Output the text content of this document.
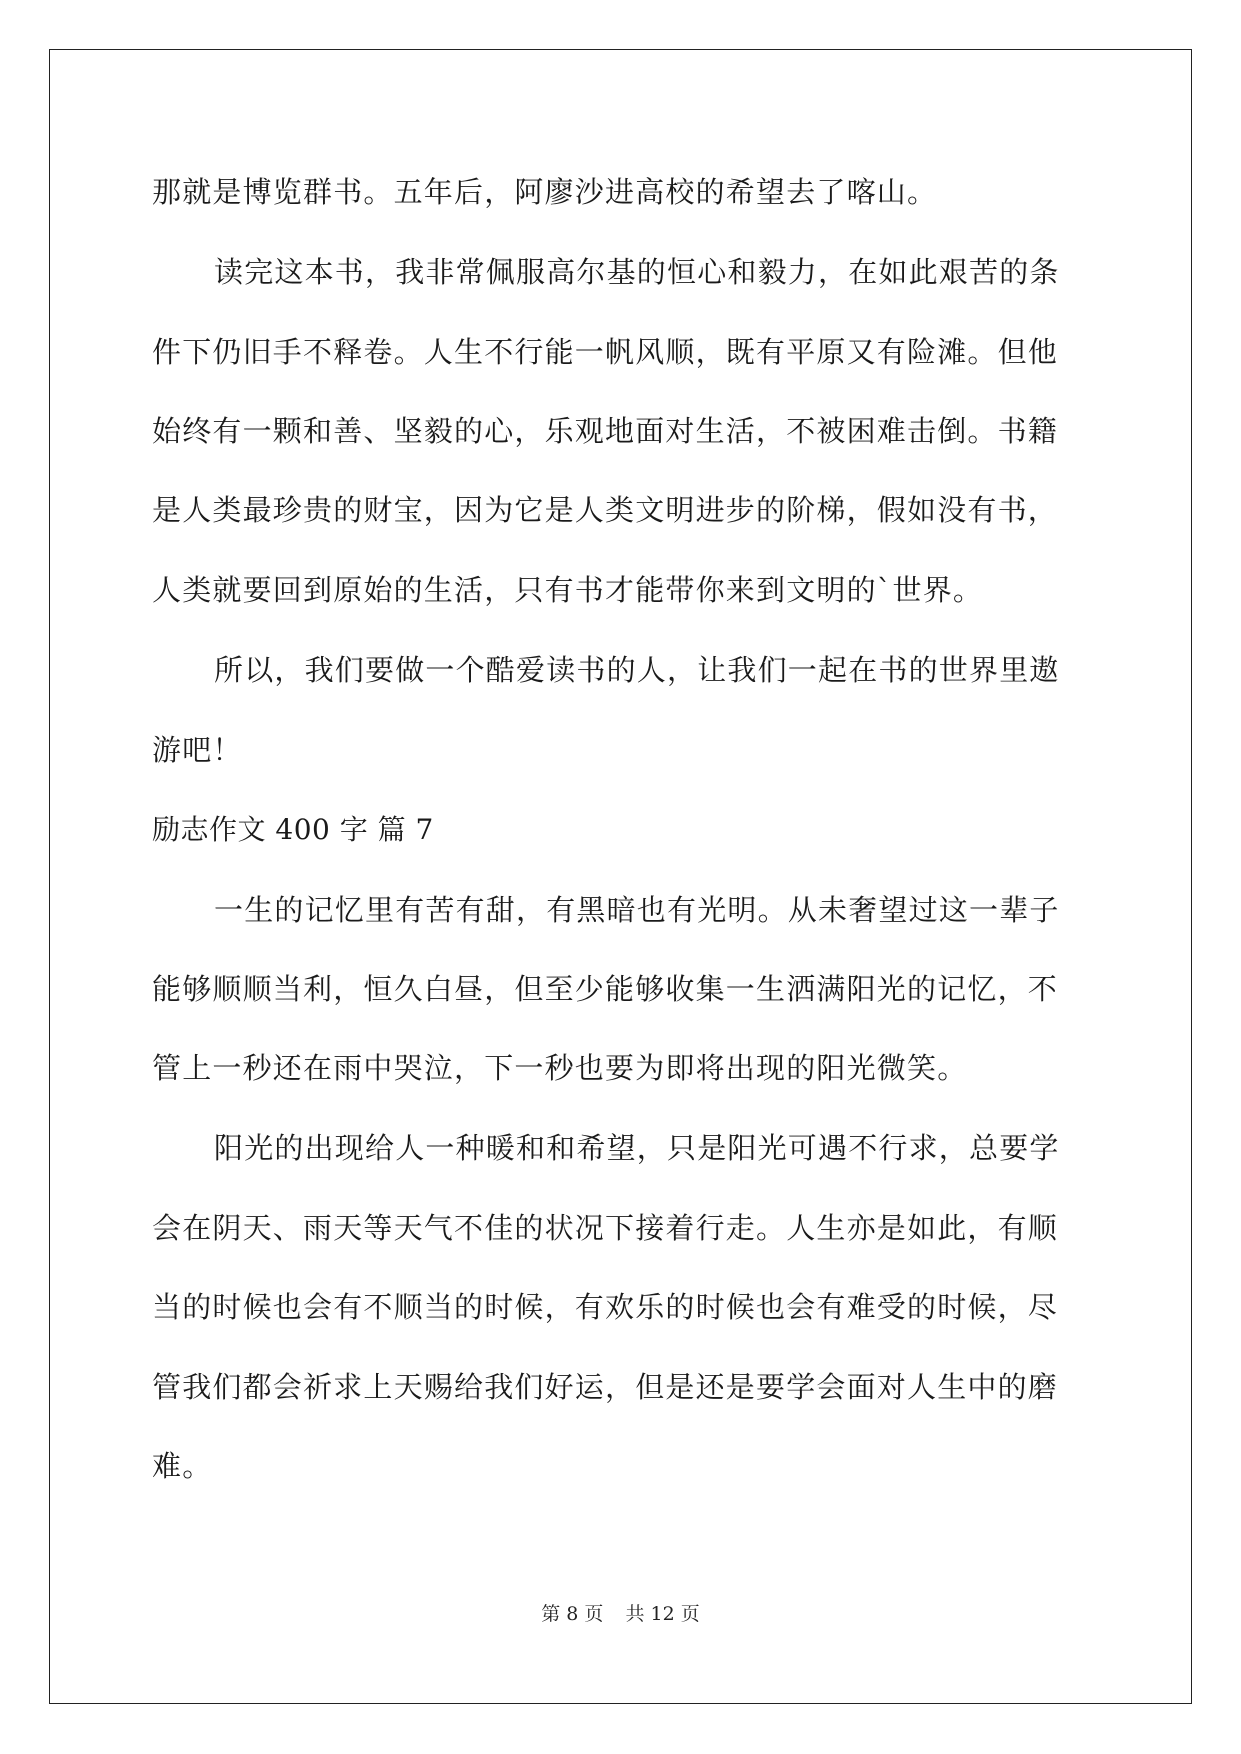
那就是博览群书。五年后，阿廖沙进高校的希望去了喀山。
读完这本书，我非常佩服高尔基的恒心和毅力，在如此艰苦的条
件下仍旧手不释卷。人生不行能一帆风顺，既有平原又有险滩。但他
始终有一颗和善、坚毅的心，乐观地面对生活，不被困难击倒。书籍
是人类最珍贵的财宝，因为它是人类文明进步的阶梯，假如没有书，
人类就要回到原始的生活，只有书才能带你来到文明的`世界。
所以，我们要做一个酷爱读书的人，让我们一起在书的世界里遨
游吧！
励志作文 400 字 篇 7
一生的记忆里有苦有甜，有黑暗也有光明。从未奢望过这一辈子
能够顺顺当利，恒久白昼，但至少能够收集一生洒满阳光的记忆，不
管上一秒还在雨中哭泣，下一秒也要为即将出现的阳光微笑。
阳光的出现给人一种暖和和希望，只是阳光可遇不行求，总要学
会在阴天、雨天等天气不佳的状况下接着行走。人生亦是如此，有顺
当的时候也会有不顺当的时候，有欢乐的时候也会有难受的时候，尽
管我们都会祈求上天赐给我们好运，但是还是要学会面对人生中的磨
难。
第 8 页 共 12 页
